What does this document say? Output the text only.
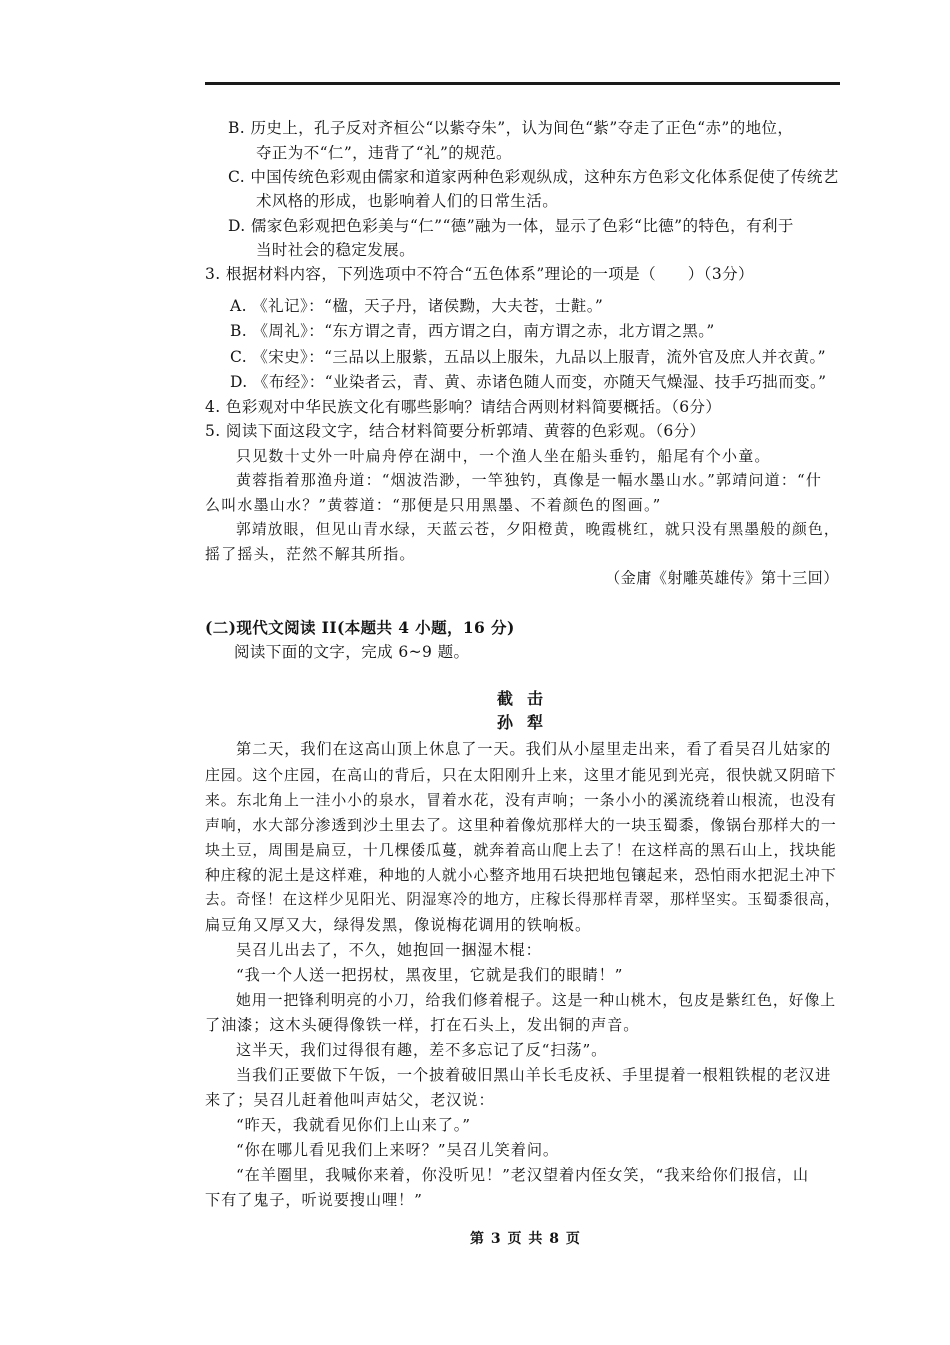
B. 历史上，孔子反对齐桓公“以紫夺朱”，认为间色“紫”夺走了正色“赤”的地位，
夺正为不“仁”，违背了“礼”的规范。
C. 中国传统色彩观由儒家和道家两种色彩观纵成，这种东方色彩文化体系促使了传统艺
术风格的形成，也影响着人们的日常生活。
D. 儒家色彩观把色彩美与“仁”“德”融为一体，显示了色彩“比德”的特色，有利于
当时社会的稳定发展。
3. 根据材料内容，下列选项中不符合“五色体系”理论的一项是（　　）（3分）
A. 《礼记》：“楹，天子丹，诸侯黝，大夫苍，士黈。”
B. 《周礼》：“东方谓之青，西方谓之白，南方谓之赤，北方谓之黑。”
C. 《宋史》：“三品以上服紫，五品以上服朱，九品以上服青，流外官及庶人并衣黄。”
D. 《布经》：“业染者云，青、黄、赤诸色随人而变，亦随天气燥湿、技手巧拙而变。”
4. 色彩观对中华民族文化有哪些影响？请结合两则材料简要概括。（6分）
5. 阅读下面这段文字，结合材料简要分析郭靖、黄蓉的色彩观。（6分）
只见数十丈外一叶扁舟停在湖中，一个渔人坐在船头垂钓，船尾有个小童。
黄蓉指着那渔舟道：“烟波浩渺，一竿独钓，真像是一幅水墨山水。”郭靖问道：“什
么叫水墨山水？”黄蓉道：“那便是只用黑墨、不着颜色的图画。”
郭靖放眼，但见山青水绿，天蓝云苍，夕阳橙黄，晚霞桃红，就只没有黑墨般的颜色，
摇了摇头，茫然不解其所指。
（金庸《射雕英雄传》第十三回）
(二)现代文阅读 II(本题共 4 小题，16 分)
阅读下面的文字，完成 6~9 题。
截击
孙犁
第二天，我们在这高山顶上休息了一天。我们从小屋里走出来，看了看吴召儿姑家的
庄园。这个庄园，在高山的背后，只在太阳刚升上来，这里才能见到光亮，很快就又阴暗下
来。东北角上一洼小小的泉水，冒着水花，没有声响；一条小小的溪流绕着山根流，也没有
声响，水大部分渗透到沙土里去了。这里种着像炕那样大的一块玉蜀黍，像锅台那样大的一
块土豆，周围是扁豆，十几棵倭瓜蔓，就奔着高山爬上去了！在这样高的黑石山上，找块能
种庄稼的泥土是这样难，种地的人就小心整齐地用石块把地包镶起来，恐怕雨水把泥土冲下
去。奇怪！在这样少见阳光、阴湿寒冷的地方，庄稼长得那样青翠，那样坚实。玉蜀黍很高，
扁豆角又厚又大，绿得发黑，像说梅花调用的铁响板。
吴召儿出去了，不久，她抱回一捆湿木棍：
“我一个人送一把拐杖，黑夜里，它就是我们的眼睛！”
她用一把锋利明亮的小刀，给我们修着棍子。这是一种山桃木，包皮是紫红色，好像上
了油漆；这木头硬得像铁一样，打在石头上，发出铜的声音。
这半天，我们过得很有趣，差不多忘记了反“扫荡”。
当我们正要做下午饭，一个披着破旧黑山羊长毛皮袄、手里提着一根粗铁棍的老汉进
来了；吴召儿赶着他叫声姑父，老汉说：
“昨天，我就看见你们上山来了。”
“你在哪儿看见我们上来呀？”吴召儿笑着问。
“在羊圈里，我喊你来着，你没听见！”老汉望着内侄女笑，“我来给你们报信，山
下有了鬼子，听说要搜山哩！”
第 3 页 共 8 页
